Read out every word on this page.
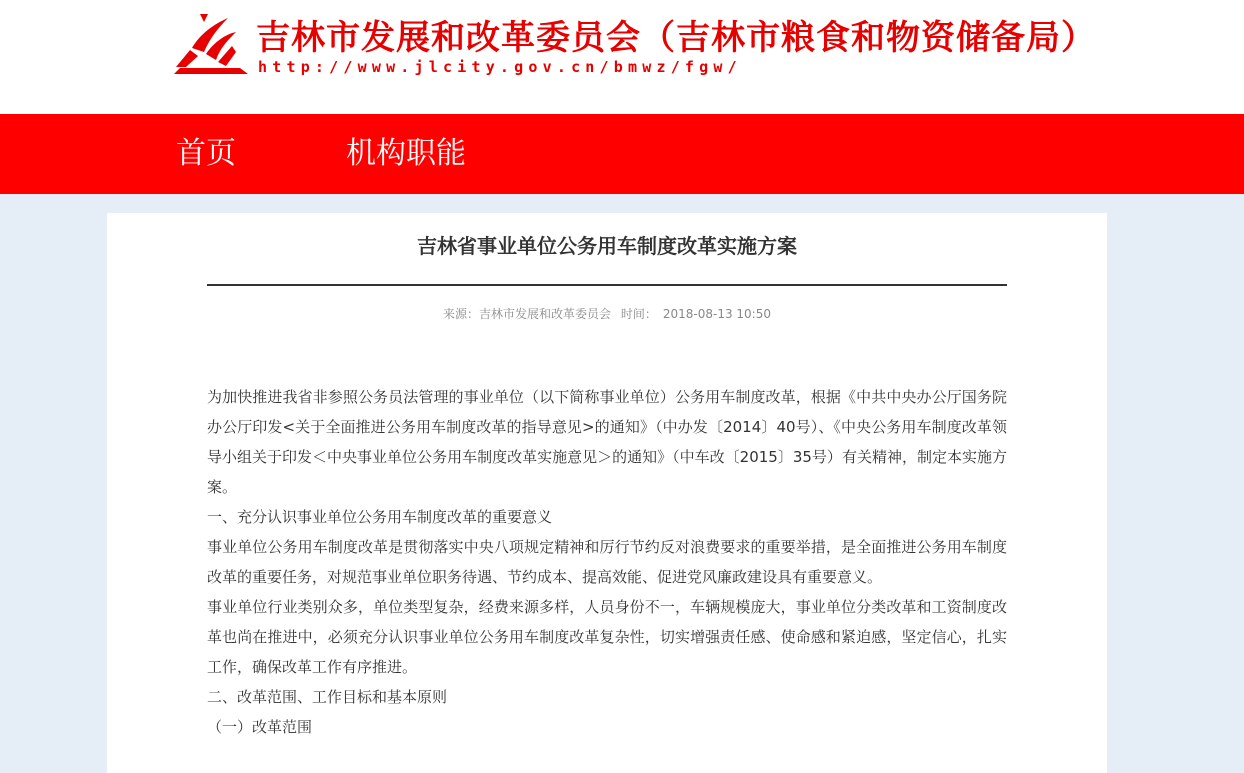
吉林市发展和改革委员会（吉林市粮食和物资储备局）
http://www.jlcity.gov.cn/bmwz/fgw/
首页	机构职能
吉林省事业单位公务用车制度改革实施方案
来源：吉林市发展和改革委员会 时间： 2018-08-13 10:50

为加快推进我省非参照公务员法管理的事业单位（以下简称事业单位）公务用车制度改革，根据《中共中央办公厅国务院办公厅印发<关于全面推进公务用车制度改革的指导意见>的通知》（中办发〔2014〕40号）、《中央公务用车制度改革领导小组关于印发＜中央事业单位公务用车制度改革实施意见＞的通知》（中车改〔2015〕35号）有关精神，制定本实施方案。

一、充分认识事业单位公务用车制度改革的重要意义

事业单位公务用车制度改革是贯彻落实中央八项规定精神和厉行节约反对浪费要求的重要举措，是全面推进公务用车制度改革的重要任务，对规范事业单位职务待遇、节约成本、提高效能、促进党风廉政建设具有重要意义。

事业单位行业类别众多，单位类型复杂，经费来源多样，人员身份不一，车辆规模庞大，事业单位分类改革和工资制度改革也尚在推进中，必须充分认识事业单位公务用车制度改革复杂性，切实增强责任感、使命感和紧迫感，坚定信心，扎实工作，确保改革工作有序推进。

二、改革范围、工作目标和基本原则

（一）改革范围
